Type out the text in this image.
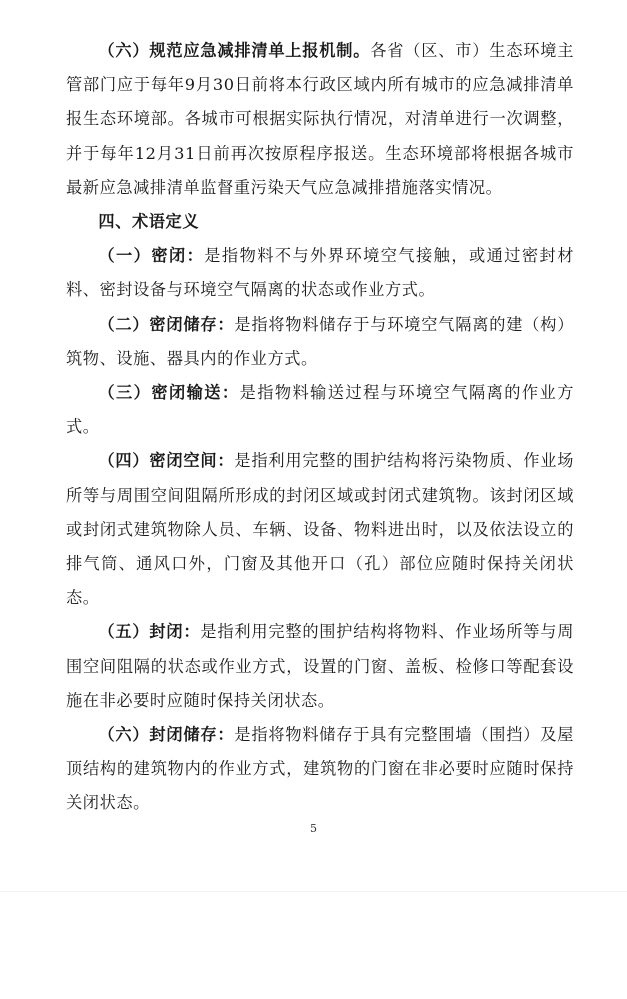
（六）规范应急减排清单上报机制。各省（区、市）生态环境主管部门应于每年9月30日前将本行政区域内所有城市的应急减排清单报生态环境部。各城市可根据实际执行情况，对清单进行一次调整，并于每年12月31日前再次按原程序报送。生态环境部将根据各城市最新应急减排清单监督重污染天气应急减排措施落实情况。

四、术语定义

（一）密闭：是指物料不与外界环境空气接触，或通过密封材料、密封设备与环境空气隔离的状态或作业方式。

（二）密闭储存：是指将物料储存于与环境空气隔离的建（构）筑物、设施、器具内的作业方式。

（三）密闭输送：是指物料输送过程与环境空气隔离的作业方式。

（四）密闭空间：是指利用完整的围护结构将污染物质、作业场所等与周围空间阻隔所形成的封闭区域或封闭式建筑物。该封闭区域或封闭式建筑物除人员、车辆、设备、物料进出时，以及依法设立的排气筒、通风口外，门窗及其他开口（孔）部位应随时保持关闭状态。

（五）封闭：是指利用完整的围护结构将物料、作业场所等与周围空间阻隔的状态或作业方式，设置的门窗、盖板、检修口等配套设施在非必要时应随时保持关闭状态。

（六）封闭储存：是指将物料储存于具有完整围墙（围挡）及屋顶结构的建筑物内的作业方式，建筑物的门窗在非必要时应随时保持关闭状态。

5
